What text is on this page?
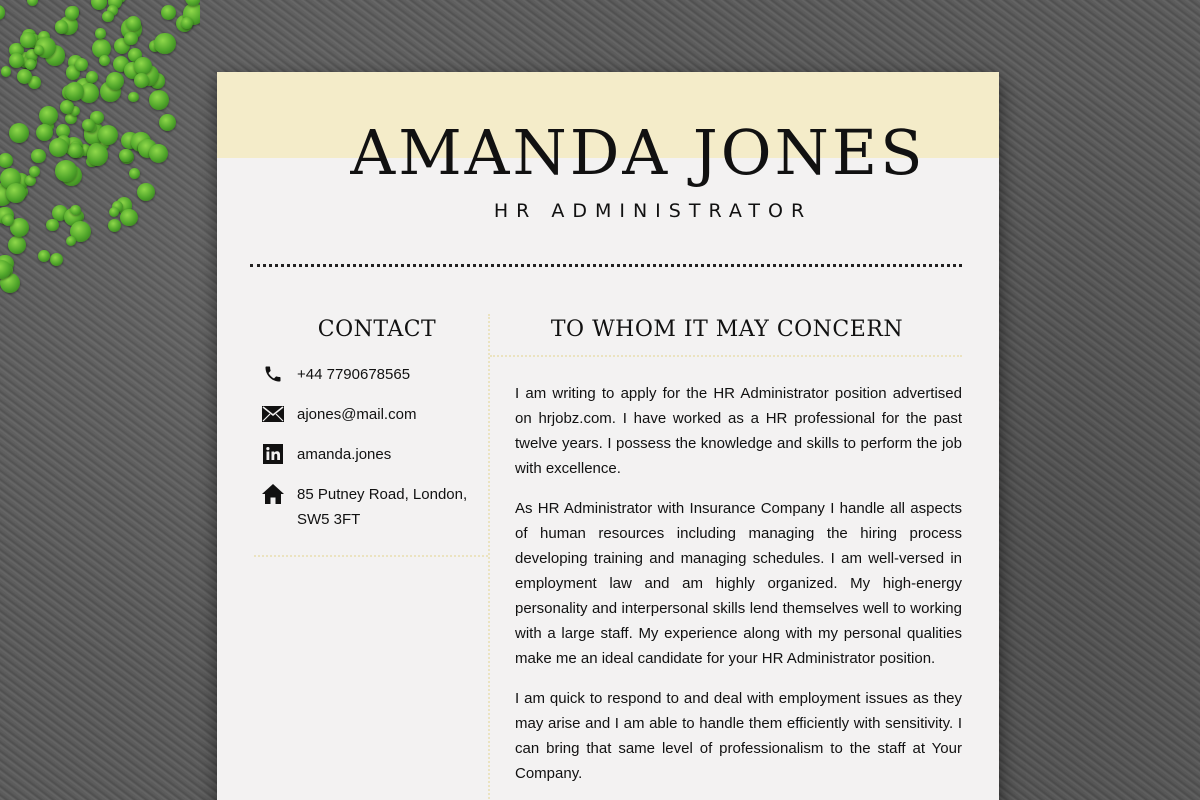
AMANDA JONES
HR ADMINISTRATOR
CONTACT	TO WHOM IT MAY CONCERN
+44 7790678565
ajones@mail.com
amanda.jones
85 Putney Road, London, SW5 3FT

I am writing to apply for the HR Administrator position advertised on hrjobz.com. I have worked as a HR professional for the past twelve years. I possess the knowledge and skills to perform the job with excellence.

As HR Administrator with Insurance Company I handle all aspects of human resources including managing the hiring process developing training and managing schedules. I am well-versed in employment law and am highly organized. My high-energy personality and interpersonal skills lend themselves well to working with a large staff. My experience along with my personal qualities make me an ideal candidate for your HR Administrator position.

I am quick to respond to and deal with employment issues as they may arise and I am able to handle them efficiently with sensitivity. I can bring that same level of professionalism to the staff at Your Company.
